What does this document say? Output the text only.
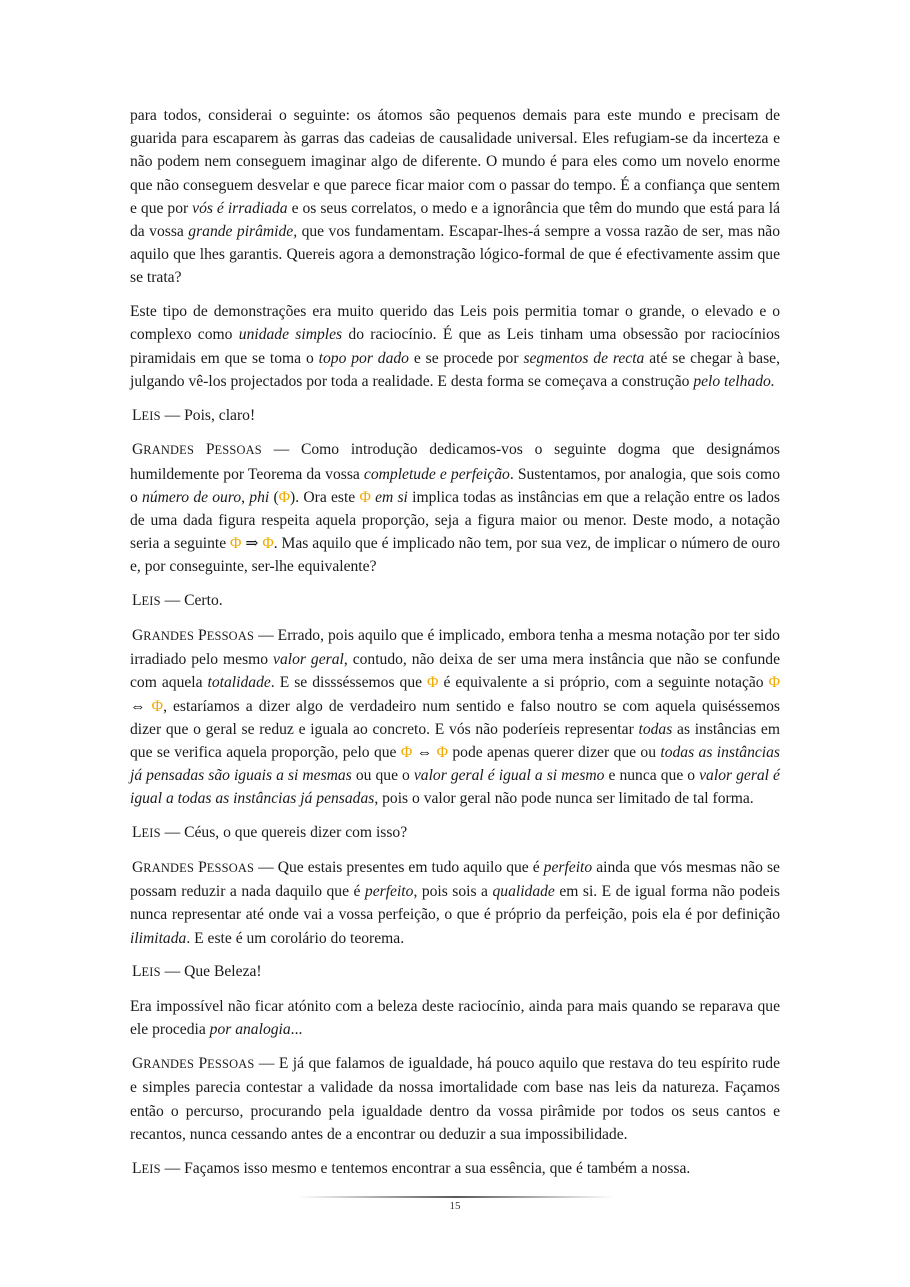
para todos, considerai o seguinte: os átomos são pequenos demais para este mundo e precisam de guarida para escaparem às garras das cadeias de causalidade universal. Eles refugiam-se da incerteza e não podem nem conseguem imaginar algo de diferente. O mundo é para eles como um novelo enorme que não conseguem desvelar e que parece ficar maior com o passar do tempo. É a confiança que sentem e que por vós é irradiada e os seus correlatos, o medo e a ignorância que têm do mundo que está para lá da vossa grande pirâmide, que vos fundamentam. Escapar-lhes-á sempre a vossa razão de ser, mas não aquilo que lhes garantis. Quereis agora a demonstração lógico-formal de que é efectivamente assim que se trata?

Este tipo de demonstrações era muito querido das Leis pois permitia tomar o grande, o elevado e o complexo como unidade simples do raciocínio. É que as Leis tinham uma obsessão por raciocínios piramidais em que se toma o topo por dado e se procede por segmentos de recta até se chegar à base, julgando vê-los projectados por toda a realidade. E desta forma se começava a construção pelo telhado.

LEIS — Pois, claro!

GRANDES PESSOAS — Como introdução dedicamos-vos o seguinte dogma que designámos humildemente por Teorema da vossa completude e perfeição. Sustentamos, por analogia, que sois como o número de ouro, phi (Φ). Ora este Φ em si implica todas as instâncias em que a relação entre os lados de uma dada figura respeita aquela proporção, seja a figura maior ou menor. Deste modo, a notação seria a seguinte Φ ⇒ Φ. Mas aquilo que é implicado não tem, por sua vez, de implicar o número de ouro e, por conseguinte, ser-lhe equivalente?

LEIS — Certo.

GRANDES PESSOAS — Errado, pois aquilo que é implicado, embora tenha a mesma notação por ter sido irradiado pelo mesmo valor geral, contudo, não deixa de ser uma mera instância que não se confunde com aquela totalidade. E se dissséssemos que Φ é equivalente a si próprio, com a seguinte notação Φ ⇔ Φ, estaríamos a dizer algo de verdadeiro num sentido e falso noutro se com aquela quiséssemos dizer que o geral se reduz e iguala ao concreto. E vós não poderíeis representar todas as instâncias em que se verifica aquela proporção, pelo que Φ ⇔ Φ pode apenas querer dizer que ou todas as instâncias já pensadas são iguais a si mesmas ou que o valor geral é igual a si mesmo e nunca que o valor geral é igual a todas as instâncias já pensadas, pois o valor geral não pode nunca ser limitado de tal forma.

LEIS — Céus, o que quereis dizer com isso?

GRANDES PESSOAS — Que estais presentes em tudo aquilo que é perfeito ainda que vós mesmas não se possam reduzir a nada daquilo que é perfeito, pois sois a qualidade em si. E de igual forma não podeis nunca representar até onde vai a vossa perfeição, o que é próprio da perfeição, pois ela é por definição ilimitada. E este é um corolário do teorema.

LEIS — Que Beleza!

Era impossível não ficar atónito com a beleza deste raciocínio, ainda para mais quando se reparava que ele procedia por analogia...

GRANDES PESSOAS — E já que falamos de igualdade, há pouco aquilo que restava do teu espírito rude e simples parecia contestar a validade da nossa imortalidade com base nas leis da natureza. Façamos então o percurso, procurando pela igualdade dentro da vossa pirâmide por todos os seus cantos e recantos, nunca cessando antes de a encontrar ou deduzir a sua impossibilidade.

LEIS — Façamos isso mesmo e tentemos encontrar a sua essência, que é também a nossa.

15
